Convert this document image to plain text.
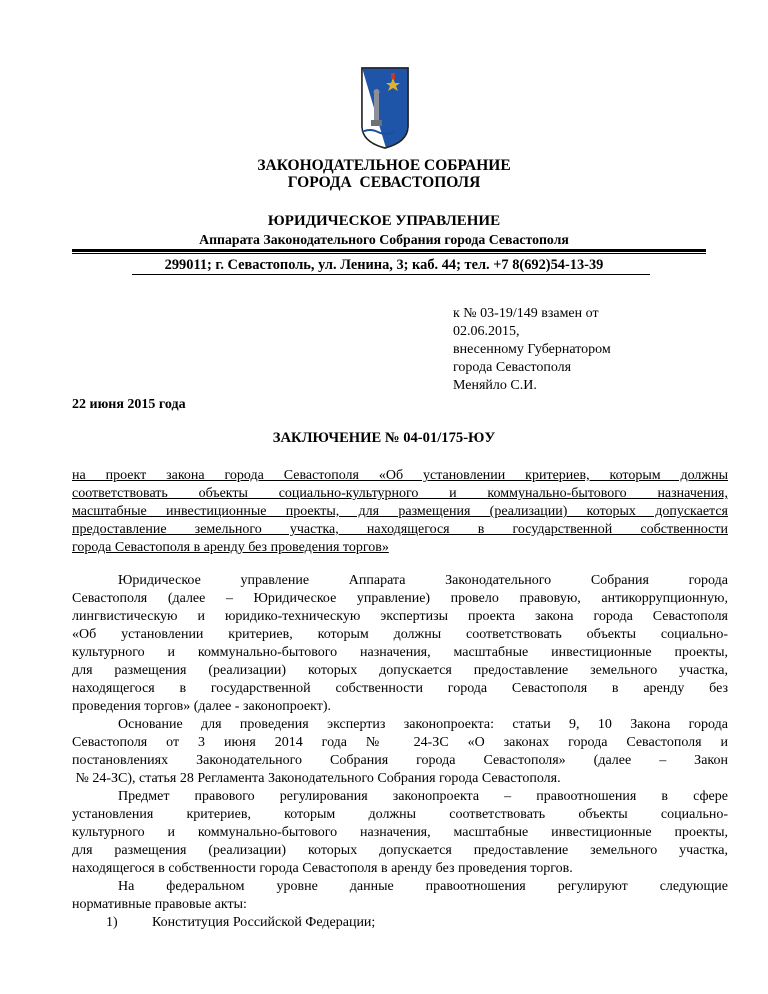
ЗАКОНОДАТЕЛЬНОЕ СОБРАНИЕ
ГОРОДА  СЕВАСТОПОЛЯ
ЮРИДИЧЕСКОЕ УПРАВЛЕНИЕ
Аппарата Законодательного Собрания города Севастополя
299011; г. Севастополь, ул. Ленина, 3; каб. 44; тел. +7 8(692)54-13-39
к № 03-19/149 взамен от
02.06.2015,
внесенному Губернатором
города Севастополя
Меняйло С.И.
22 июня 2015 года
ЗАКЛЮЧЕНИЕ № 04-01/175-ЮУ
на проект закона города Севастополя «Об установлении критериев, которым должны
соответствовать объекты социально-культурного и коммунально-бытового назначения,
масштабные инвестиционные проекты, для размещения (реализации) которых допускается
предоставление земельного участка, находящегося в государственной собственности
города Севастополя в аренду без проведения торгов»
Юридическое управление Аппарата Законодательного Собрания города
Севастополя (далее – Юридическое управление) провело правовую, антикоррупционную,
лингвистическую и юридико-техническую экспертизы проекта закона города Севастополя
«Об установлении критериев, которым должны соответствовать объекты социально-
культурного и коммунально-бытового назначения, масштабные инвестиционные проекты,
для размещения (реализации) которых допускается предоставление земельного участка,
находящегося в государственной собственности города Севастополя в аренду без
проведения торгов» (далее - законопроект).
Основание для проведения экспертиз законопроекта: статьи 9, 10 Закона города
Севастополя от 3 июня 2014 года № 24-ЗС «О законах города Севастополя и
постановлениях Законодательного Собрания города Севастополя» (далее – Закон
№ 24-ЗС), статья 28 Регламента Законодательного Собрания города Севастополя.
Предмет правового регулирования законопроекта – правоотношения в сфере
установления критериев, которым должны соответствовать объекты социально-
культурного и коммунально-бытового назначения, масштабные инвестиционные проекты,
для размещения (реализации) которых допускается предоставление земельного участка,
находящегося в собственности города Севастополя в аренду без проведения торгов.
На федеральном уровне данные правоотношения регулируют следующие
нормативные правовые акты:
1) Конституция Российской Федерации;
